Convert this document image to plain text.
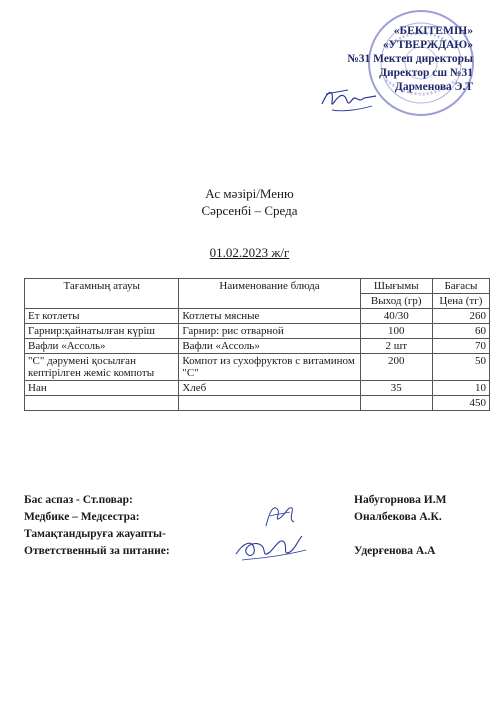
«БЕКІТЕМІН»
«УТВЕРЖДАЮ»
№31 Мектеп директоры
Директор сш №31
Дарменова Э.Т
Ас мәзірі/Меню
Сәрсенбі – Среда
01.02.2023 ж/г
Тағамның атауы	Наименование блюда	Шығымы	Бағасы
		Выход (гр)	Цена (тг)
Ет котлеты	Котлеты мясные	40/30	260
Гарнир:қайнатылған күріш	Гарнир: рис отварной	100	60
Вафли «Ассоль»	Вафли «Ассоль»	2 шт	70
"С" дәрумені қосылған кептірілген жеміс компоты	Компот из сухофруктов с витамином "С"	200	50
Нан	Хлеб	35	10
			450
Бас аспаз - Ст.повар:	Набугорнова И.М
Медбике – Медсестра:	Оналбекова А.К.
Тамақтандыруға жауапты-
Ответственный за питание:	Удерғенова А.А
